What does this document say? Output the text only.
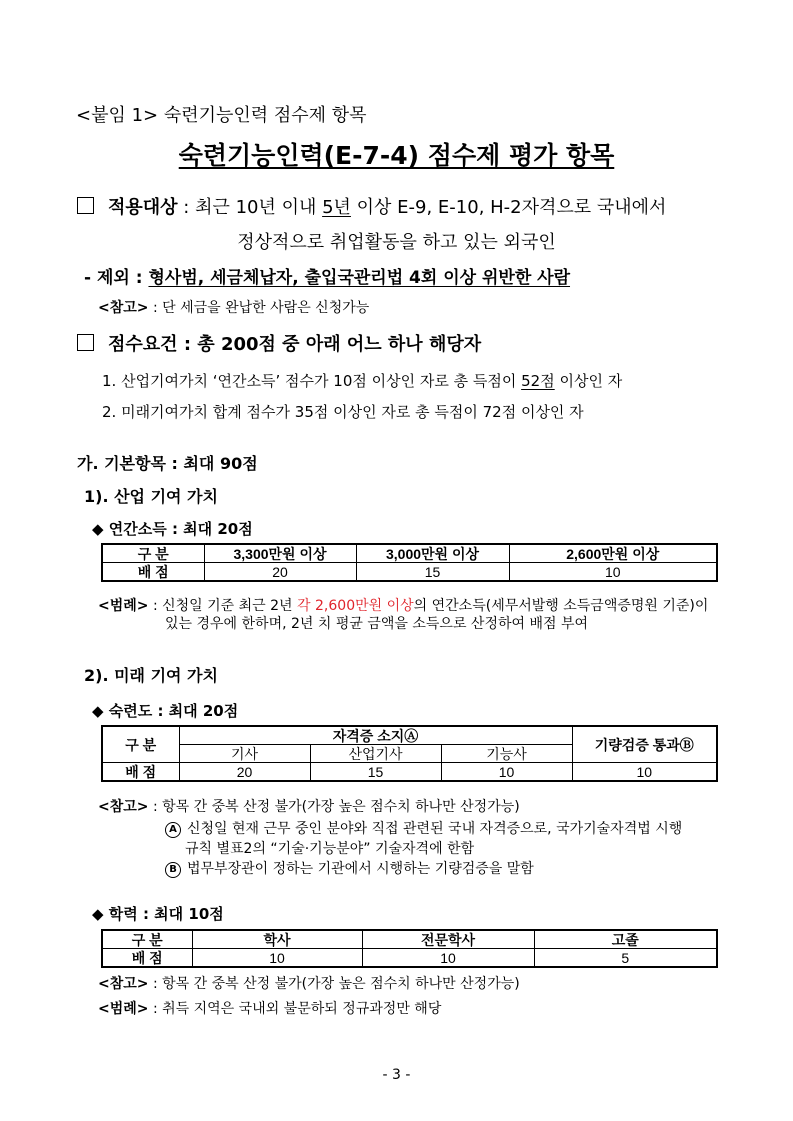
<붙임 1> 숙련기능인력 점수제 항목
숙련기능인력(E-7-4) 점수제 평가 항목
적용대상 : 최근 10년 이내 5년 이상 E-9, E-10, H-2자격으로 국내에서
정상적으로 취업활동을 하고 있는 외국인
- 제외 : 형사범, 세금체납자, 출입국관리법 4회 이상 위반한 사람
<참고> : 단 세금을 완납한 사람은 신청가능
점수요건 : 총 200점 중 아래 어느 하나 해당자
1. 산업기여가치 ‘연간소득’ 점수가 10점 이상인 자로 총 득점이 52점 이상인 자
2. 미래기여가치 합계 점수가 35점 이상인 자로 총 득점이 72점 이상인 자
가. 기본항목 : 최대 90점
1). 산업 기여 가치
◆ 연간소득 : 최대 20점
구 분	3,300만원 이상	3,000만원 이상	2,600만원 이상
배 점	20	15	10
<범례> : 신청일 기준 최근 2년 각 2,600만원 이상의 연간소득(세무서발행 소득금액증명원 기준)이
있는 경우에 한하며, 2년 치 평균 금액을 소득으로 산정하여 배점 부여
2). 미래 기여 가치
◆ 숙련도 : 최대 20점
구 분	자격증 소지Ⓐ			기량검증 통과Ⓑ
	기사	산업기사	기능사	
배 점	20	15	10	10
<참고> : 항목 간 중복 산정 불가(가장 높은 점수치 하나만 산정가능)
A 신청일 현재 근무 중인 분야와 직접 관련된 국내 자격증으로, 국가기술자격법 시행
규칙 별표2의 “기술·기능분야” 기술자격에 한함
B 법무부장관이 정하는 기관에서 시행하는 기량검증을 말함
◆ 학력 : 최대 10점
구 분	학사	전문학사	고졸
배 점	10	10	5
<참고> : 항목 간 중복 산정 불가(가장 높은 점수치 하나만 산정가능)
<범례> : 취득 지역은 국내외 불문하되 정규과정만 해당
- 3 -
